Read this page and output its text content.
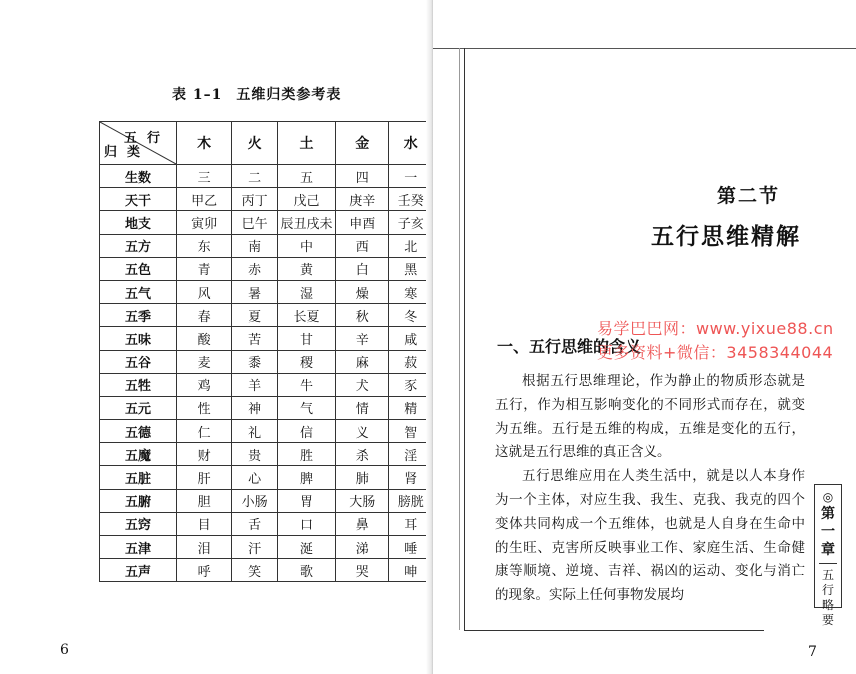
表 1–1 五维归类参考表
五行
归类	木	火	土	金	水
生数	三	二	五	四	一
天干	甲乙	丙丁	戊己	庚辛	壬癸
地支	寅卯	巳午	辰丑戌未	申酉	子亥
五方	东	南	中	西	北
五色	青	赤	黄	白	黑
五气	风	暑	湿	燥	寒
五季	春	夏	长夏	秋	冬
五味	酸	苦	甘	辛	咸
五谷	麦	黍	稷	麻	菽
五牲	鸡	羊	牛	犬	豕
五元	性	神	气	情	精
五德	仁	礼	信	义	智
五魔	财	贵	胜	杀	淫
五脏	肝	心	脾	肺	肾
五腑	胆	小肠	胃	大肠	膀胱
五窍	目	舌	口	鼻	耳
五津	泪	汗	涎	涕	唾
五声	呼	笑	歌	哭	呻
6
第二节
五行思维精解
一、五行思维的含义
易学巴巴网：www.yixue88.cn
更多资料+微信：3458344044

根据五行思维理论，作为静止的物质形态就是五行，作为相互影响变化的不同形式而存在，就变为五维。五行是五维的构成，五维是变化的五行，这就是五行思维的真正含义。

五行思维应用在人类生活中，就是以人本身作为一个主体，对应生我、我生、克我、我克的四个变体共同构成一个五维体，也就是人自身在生命中的生旺、克害所反映事业工作、家庭生活、生命健康等顺境、逆境、吉祥、祸凶的运动、变化与消亡的现象。实际上任何事物发展均

◎
第
一
章
五
行
略
要
7
